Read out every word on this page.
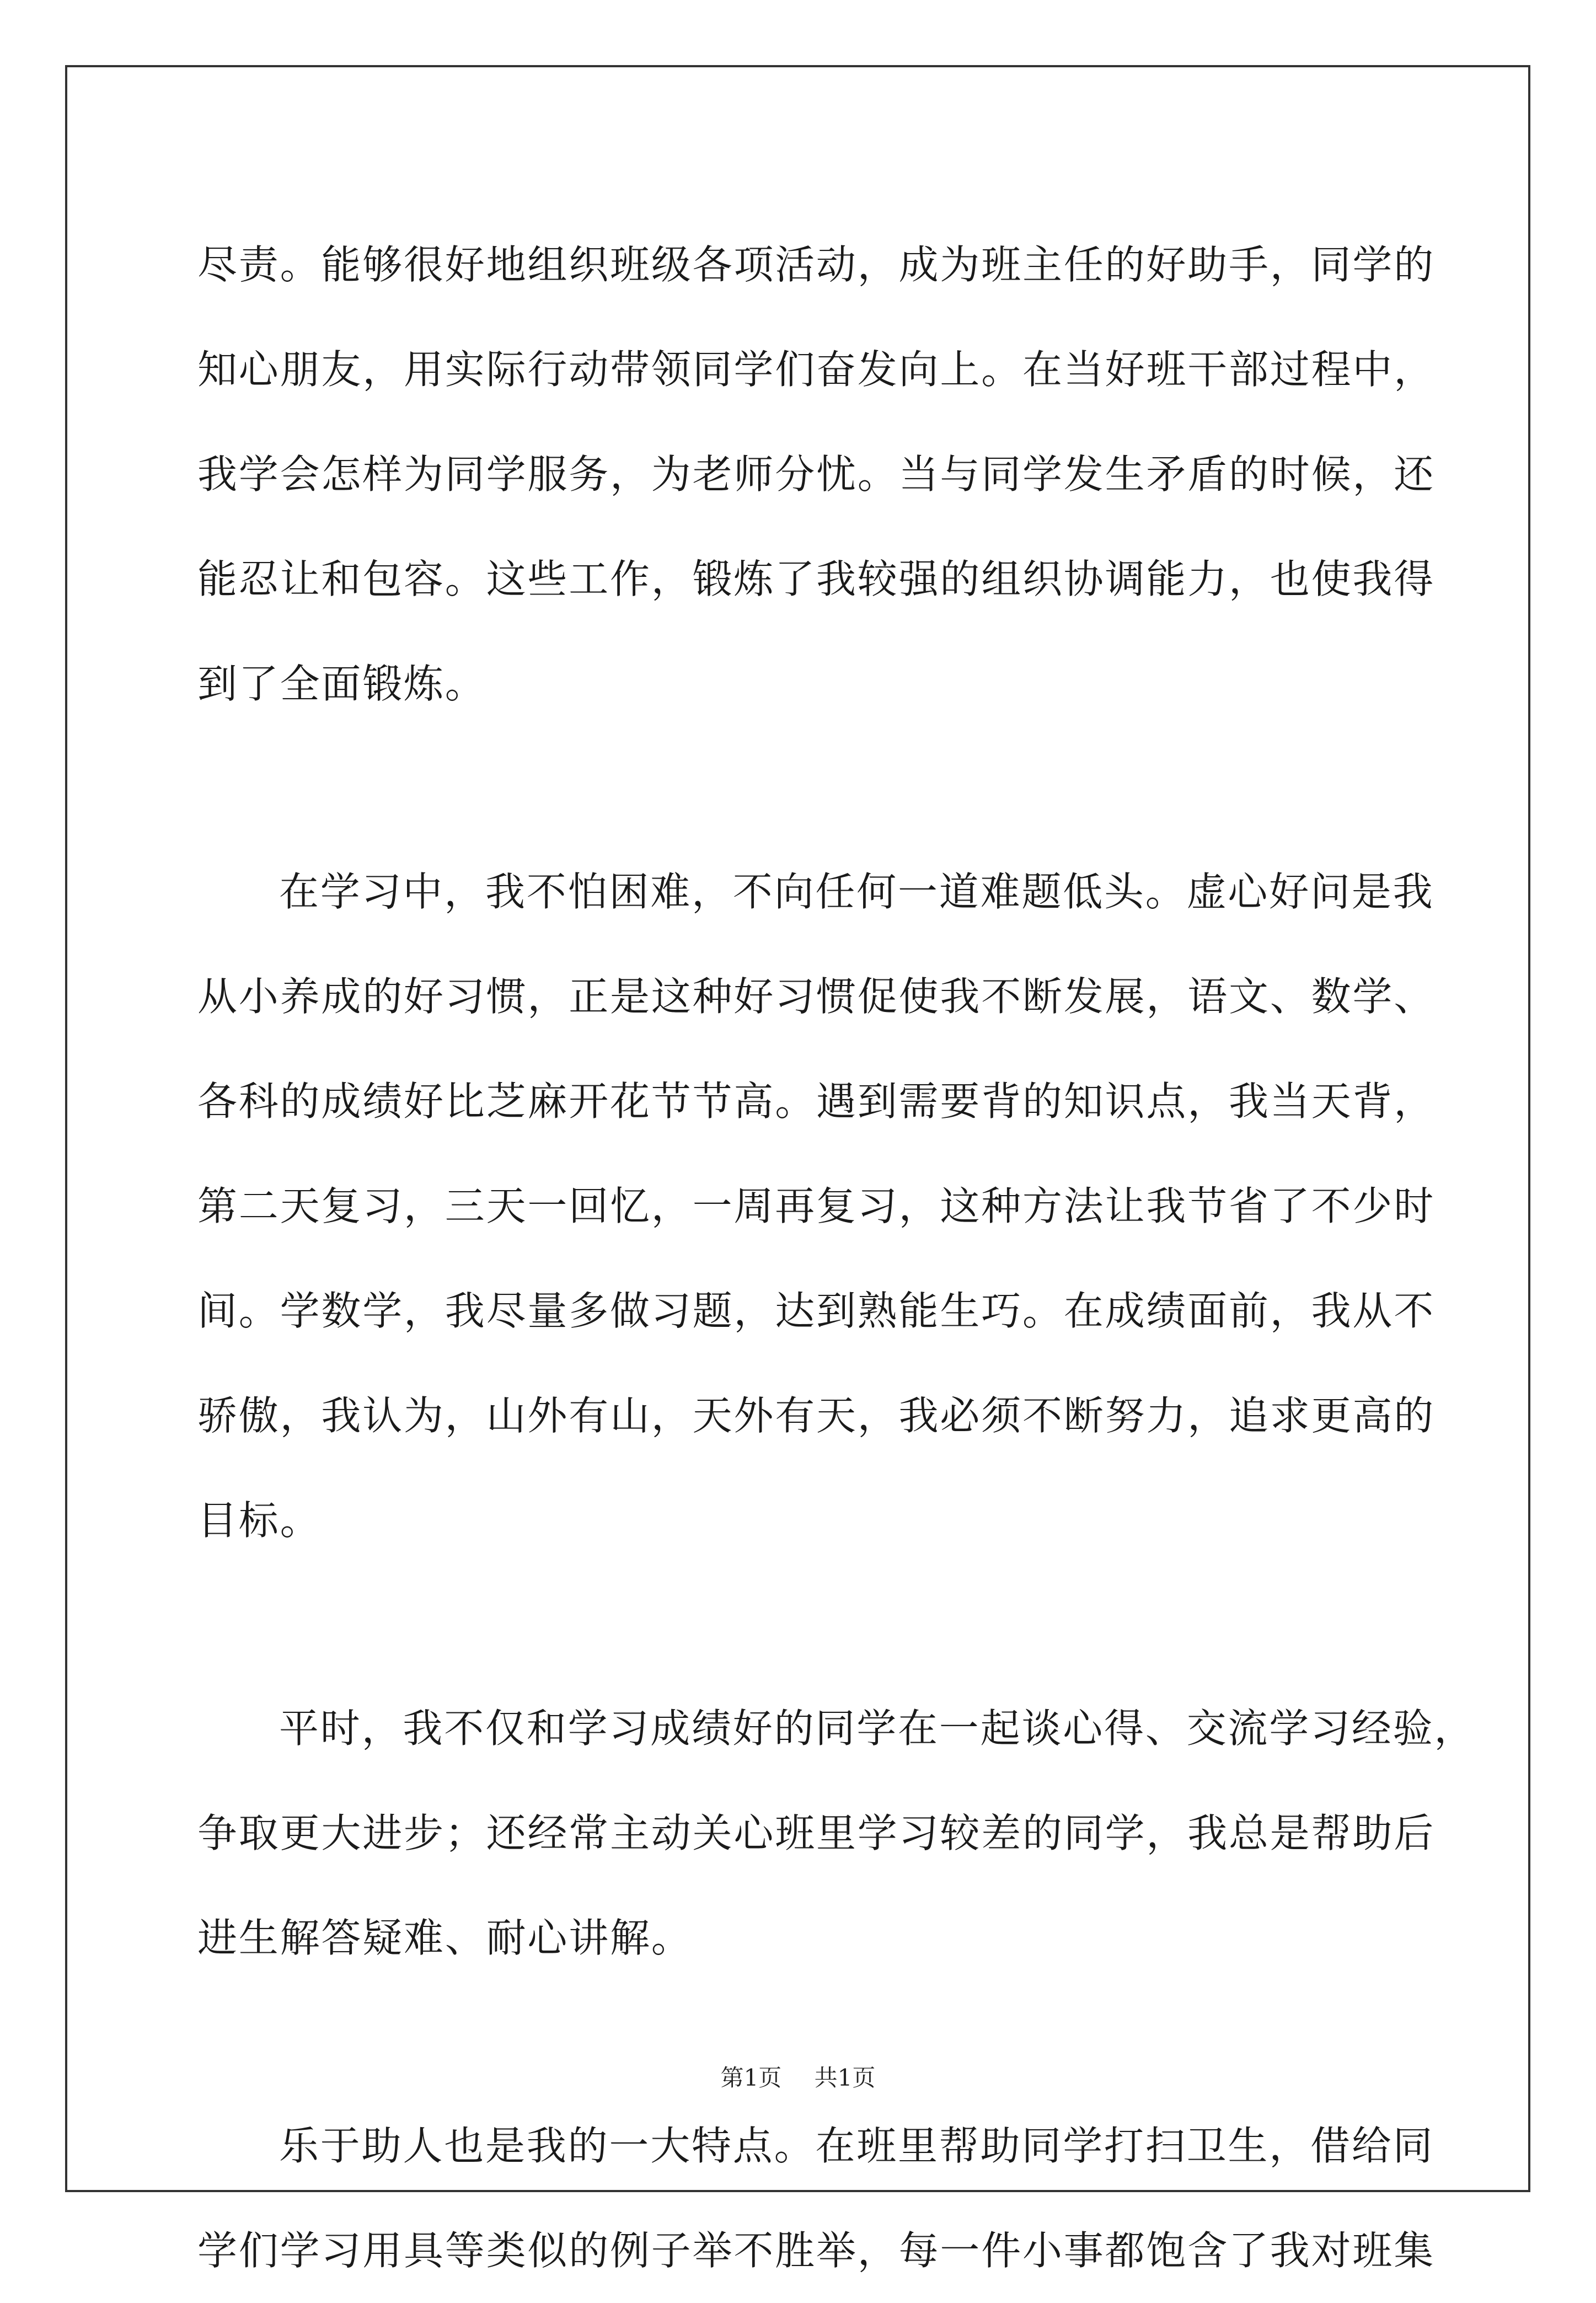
尽责。能够很好地组织班级各项活动，成为班主任的好助手，同学的
知心朋友，用实际行动带领同学们奋发向上。在当好班干部过程中，
我学会怎样为同学服务，为老师分忧。当与同学发生矛盾的时候，还
能忍让和包容。这些工作，锻炼了我较强的组织协调能力，也使我得
到了全面锻炼。
在学习中，我不怕困难，不向任何一道难题低头。虚心好问是我
从小养成的好习惯，正是这种好习惯促使我不断发展，语文、数学、
各科的成绩好比芝麻开花节节高。遇到需要背的知识点，我当天背，
第二天复习，三天一回忆，一周再复习，这种方法让我节省了不少时
间。学数学，我尽量多做习题，达到熟能生巧。在成绩面前，我从不
骄傲，我认为，山外有山，天外有天，我必须不断努力，追求更高的
目标。
平时，我不仅和学习成绩好的同学在一起谈心得、交流学习经验，
争取更大进步；还经常主动关心班里学习较差的同学，我总是帮助后
进生解答疑难、耐心讲解。
乐于助人也是我的一大特点。在班里帮助同学打扫卫生，借给同
学们学习用具等类似的例子举不胜举，每一件小事都饱含了我对班集
第1页 共1页
